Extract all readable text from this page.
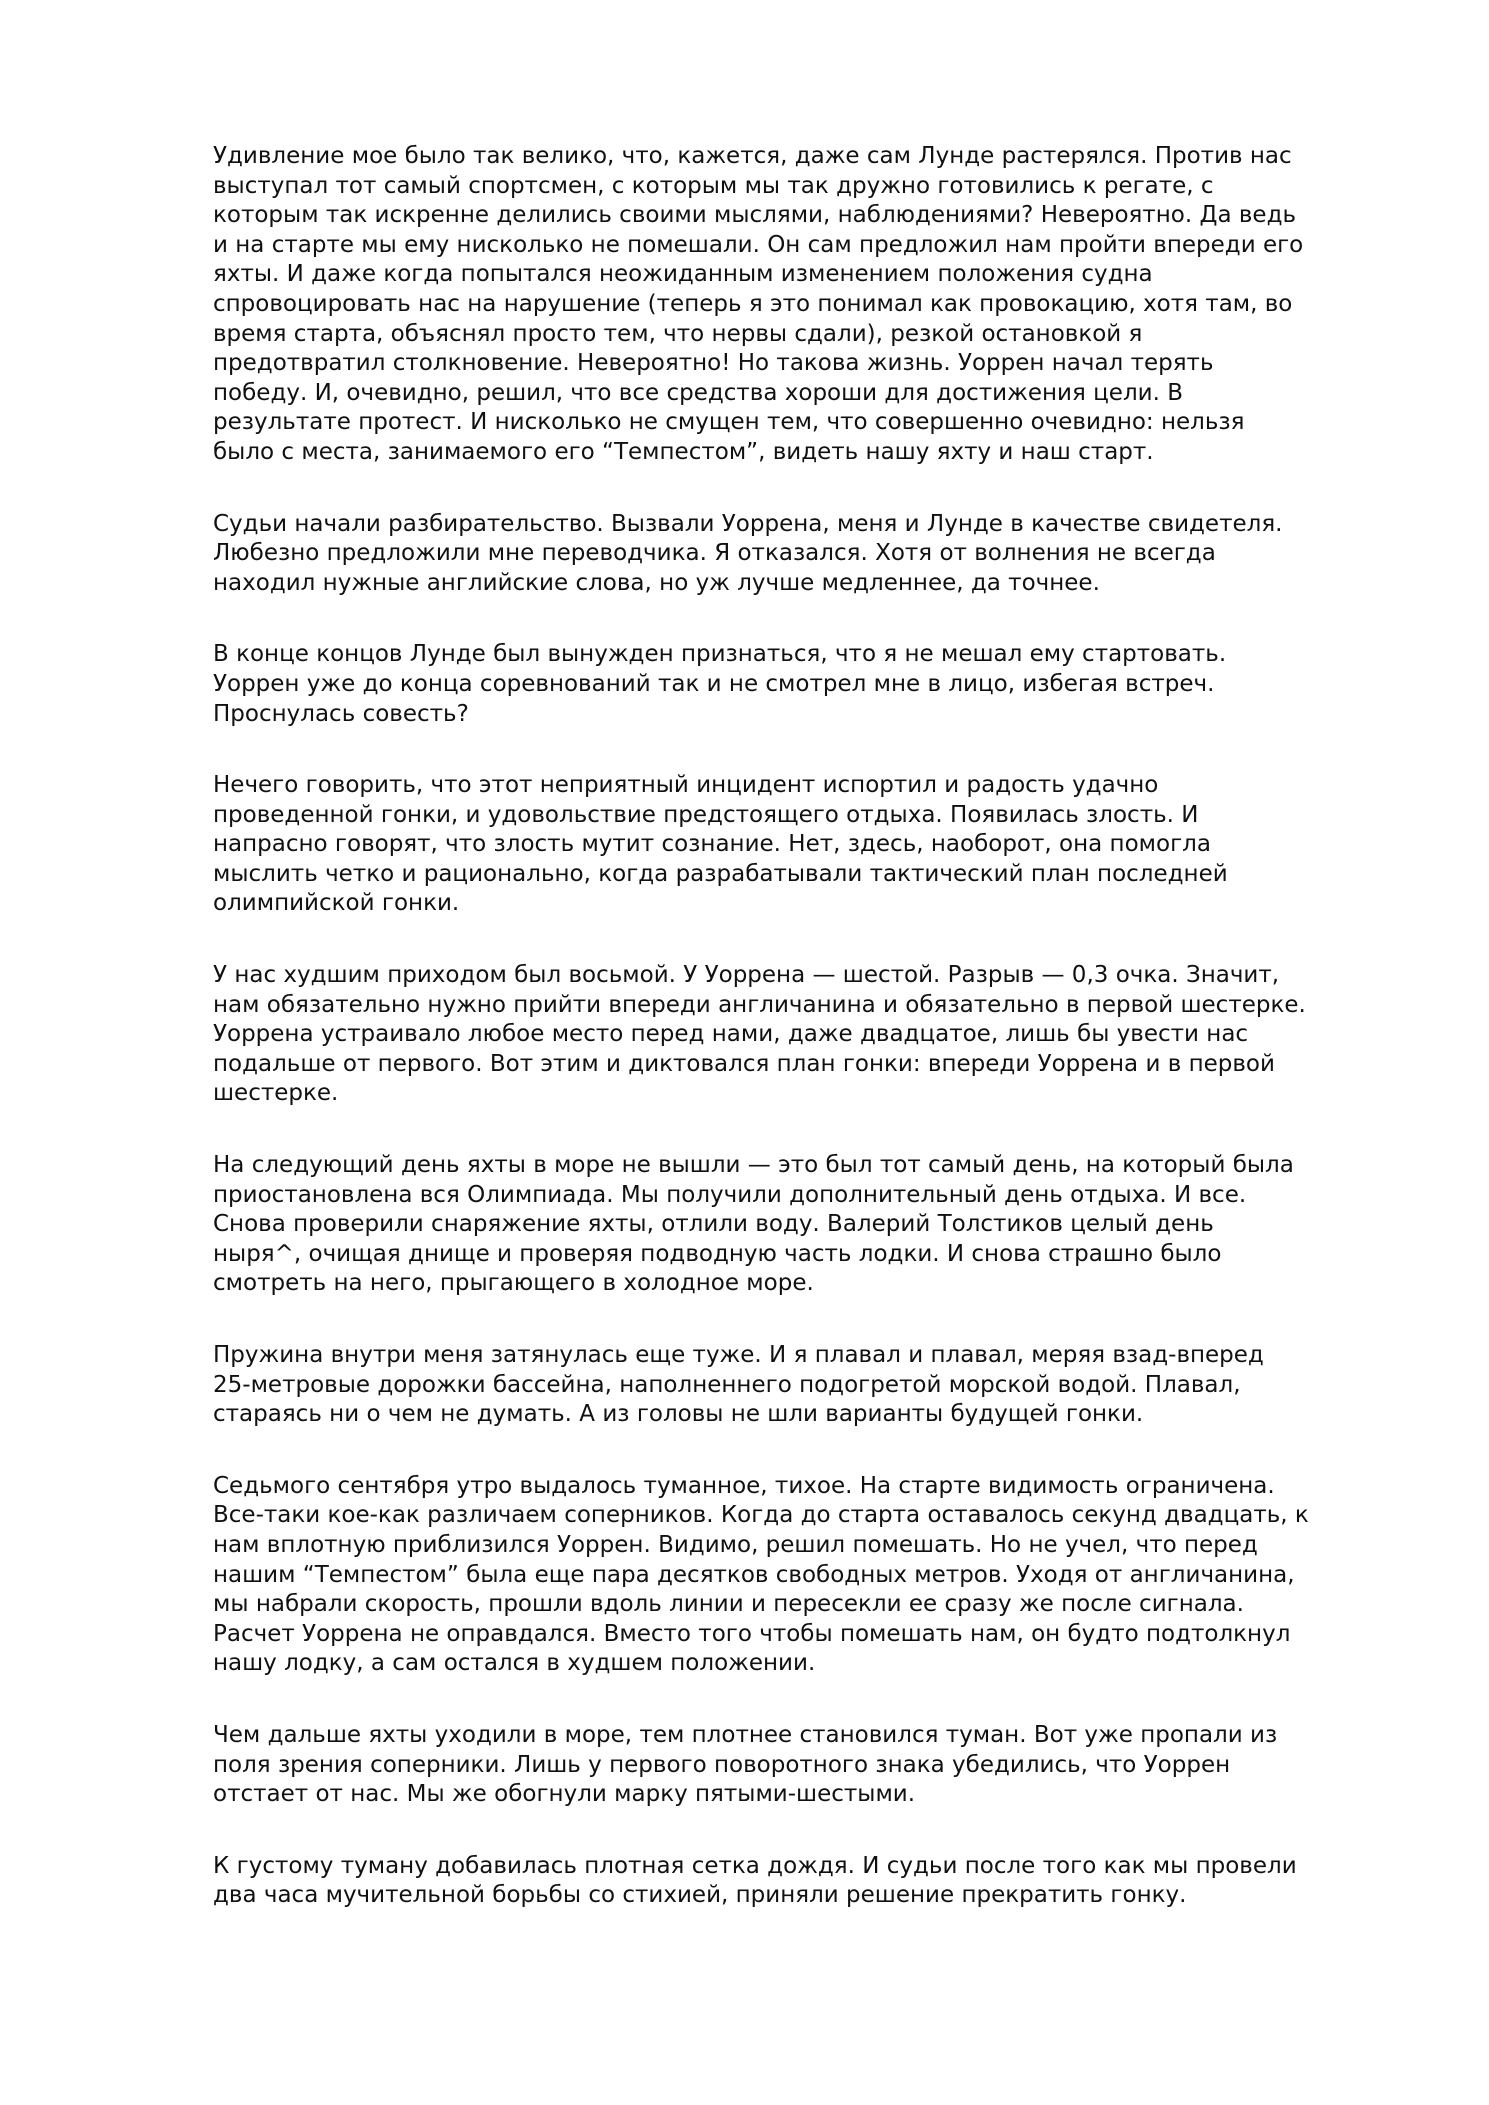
Удивление мое было так велико, что, кажется, даже сам Лунде растерялся. Против нас
выступал тот самый спортсмен, с которым мы так дружно готовились к регате, с
которым так искренне делились своими мыслями, наблюдениями? Невероятно. Да ведь
и на старте мы ему нисколько не помешали. Он сам предложил нам пройти впереди его
яхты. И даже когда попытался неожиданным изменением положения судна
спровоцировать нас на нарушение (теперь я это понимал как провокацию, хотя там, во
время старта, объяснял просто тем, что нервы сдали), резкой остановкой я
предотвратил столкновение. Невероятно! Но такова жизнь. Уоррен начал терять
победу. И, очевидно, решил, что все средства хороши для достижения цели. В
результате протест. И нисколько не смущен тем, что совершенно очевидно: нельзя
было с места, занимаемого его “Темпестом”, видеть нашу яхту и наш старт.

Судьи начали разбирательство. Вызвали Уоррена, меня и Лунде в качестве свидетеля.
Любезно предложили мне переводчика. Я отказался. Хотя от волнения не всегда
находил нужные английские слова, но уж лучше медленнее, да точнее.

В конце концов Лунде был вынужден признаться, что я не мешал ему стартовать.
Уоррен уже до конца соревнований так и не смотрел мне в лицо, избегая встреч.
Проснулась совесть?

Нечего говорить, что этот неприятный инцидент испортил и радость удачно
проведенной гонки, и удовольствие предстоящего отдыха. Появилась злость. И
напрасно говорят, что злость мутит сознание. Нет, здесь, наоборот, она помогла
мыслить четко и рационально, когда разрабатывали тактический план последней
олимпийской гонки.

У нас худшим приходом был восьмой. У Уоррена — шестой. Разрыв — 0,3 очка. Значит,
нам обязательно нужно прийти впереди англичанина и обязательно в первой шестерке.
Уоррена устраивало любое место перед нами, даже двадцатое, лишь бы увести нас
подальше от первого. Вот этим и диктовался план гонки: впереди Уоррена и в первой
шестерке.

На следующий день яхты в море не вышли — это был тот самый день, на который была
приостановлена вся Олимпиада. Мы получили дополнительный день отдыха. И все.
Снова проверили снаряжение яхты, отлили воду. Валерий Толстиков целый день
ныря^, очищая днище и проверяя подводную часть лодки. И снова страшно было
смотреть на него, прыгающего в холодное море.

Пружина внутри меня затянулась еще туже. И я плавал и плавал, меряя взад-вперед
25-метровые дорожки бассейна, наполненнего подогретой морской водой. Плавал,
стараясь ни о чем не думать. А из головы не шли варианты будущей гонки.

Седьмого сентября утро выдалось туманное, тихое. На старте видимость ограничена.
Все-таки кое-как различаем соперников. Когда до старта оставалось секунд двадцать, к
нам вплотную приблизился Уоррен. Видимо, решил помешать. Но не учел, что перед
нашим “Темпестом” была еще пара десятков свободных метров. Уходя от англичанина,
мы набрали скорость, прошли вдоль линии и пересекли ее сразу же после сигнала.
Расчет Уоррена не оправдался. Вместо того чтобы помешать нам, он будто подтолкнул
нашу лодку, а сам остался в худшем положении.

Чем дальше яхты уходили в море, тем плотнее становился туман. Вот уже пропали из
поля зрения соперники. Лишь у первого поворотного знака убедились, что Уоррен
отстает от нас. Мы же обогнули марку пятыми-шестыми.

К густому туману добавилась плотная сетка дождя. И судьи после того как мы провели
два часа мучительной борьбы со стихией, приняли решение прекратить гонку.
